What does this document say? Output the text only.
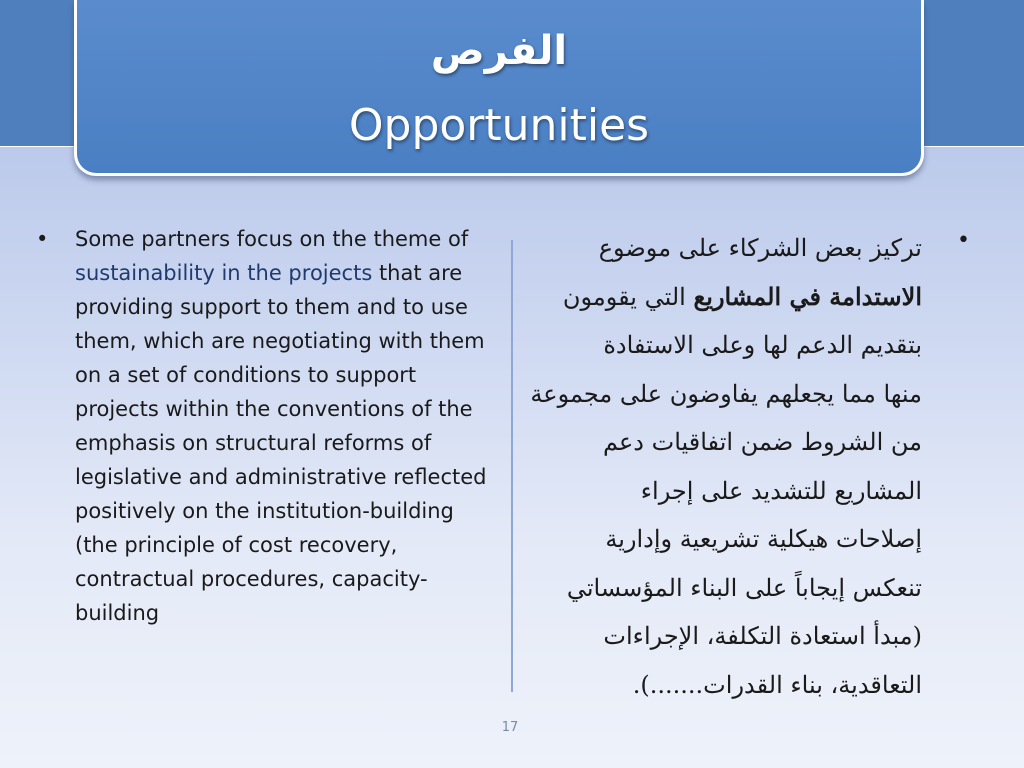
الفرص
Opportunities
• Some partners focus on the theme of sustainability in the projects that are providing support to them and to use them, which are negotiating with them on a set of conditions to support projects within the conventions of the emphasis on structural reforms of legislative and administrative reflected positively on the institution-building (the principle of cost recovery, contractual procedures, capacity-building
•
تركيز بعض الشركاء على موضوع
الاستدامة في المشاريع التي يقومون
بتقديم الدعم لها وعلى الاستفادة
منها مما يجعلهم يفاوضون على مجموعة
من الشروط ضمن اتفاقيات دعم
المشاريع للتشديد على إجراء
إصلاحات هيكلية تشريعية وإدارية
تنعكس إيجاباً على البناء المؤسساتي
(مبدأ استعادة التكلفة، الإجراءات
التعاقدية، بناء القدرات.......).
17
